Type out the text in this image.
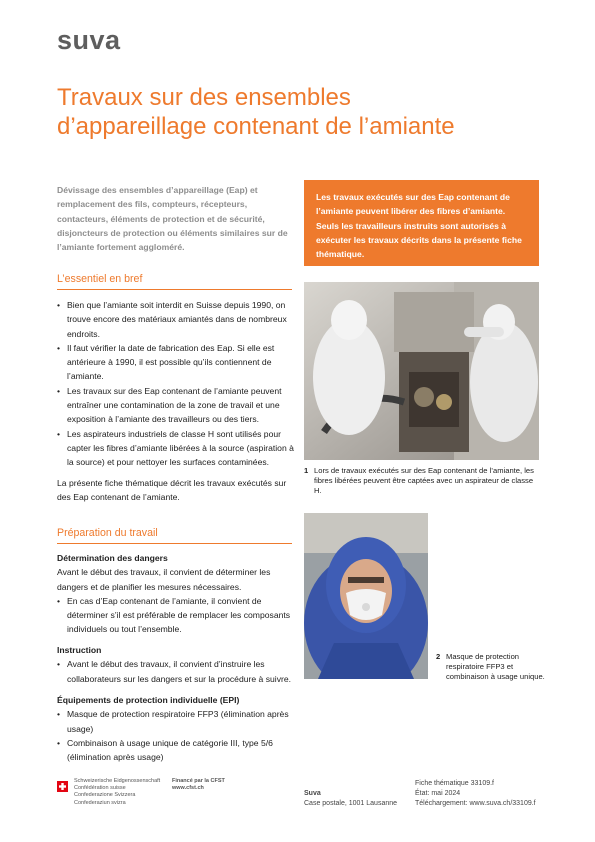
suva
Travaux sur des ensembles
d’appareillage contenant de l’amiante
Dévissage des ensembles d’appareillage (Eap) et remplacement des fils, compteurs, récepteurs, contacteurs, éléments de protection et de sécurité, disjoncteurs de protection ou éléments similaires sur de l’amiante fortement aggloméré.
Les travaux exécutés sur des Eap contenant de l’amiante peuvent libérer des fibres d’amiante. Seuls les travailleurs instruits sont autorisés à exécuter les travaux décrits dans la présente fiche thématique.
L’essentiel en bref
• Bien que l’amiante soit interdit en Suisse depuis 1990, on trouve encore des matériaux amiantés dans de nombreux endroits.
• Il faut vérifier la date de fabrication des Eap. Si elle est antérieure à 1990, il est possible qu’ils contiennent de l’amiante.
• Les travaux sur des Eap contenant de l’amiante peuvent entraîner une contamination de la zone de travail et une exposition à l’amiante des travailleurs ou des tiers.
• Les aspirateurs industriels de classe H sont utilisés pour capter les fibres d’amiante libérées à la source (aspiration à la source) et pour nettoyer les surfaces contaminées.
La présente fiche thématique décrit les travaux exécutés sur des Eap contenant de l’amiante.
Préparation du travail
Détermination des dangers
Avant le début des travaux, il convient de déterminer les dangers et de planifier les mesures nécessaires.
• En cas d’Eap contenant de l’amiante, il convient de déterminer s’il est préférable de remplacer les composants individuels ou tout l’ensemble.
Instruction
• Avant le début des travaux, il convient d’instruire les collaborateurs sur les dangers et sur la procédure à suivre.
Équipements de protection individuelle (EPI)
• Masque de protection respiratoire FFP3 (élimination après usage)
• Combinaison à usage unique de catégorie III, type 5/6 (élimination après usage)
1 Lors de travaux exécutés sur des Eap contenant de l’amiante, les fibres libérées peuvent être captées avec un aspirateur de classe H.
2 Masque de protection respiratoire FFP3 et combinaison à usage unique.
Schweizerische Eidgenossenschaft
Confédération suisse
Confederazione Svizzera
Confederaziun svizra
Financé par la CFST
www.cfst.ch
Suva
Case postale, 1001 Lausanne
Fiche thématique 33109.f
État: mai 2024
Téléchargement: www.suva.ch/33109.f
